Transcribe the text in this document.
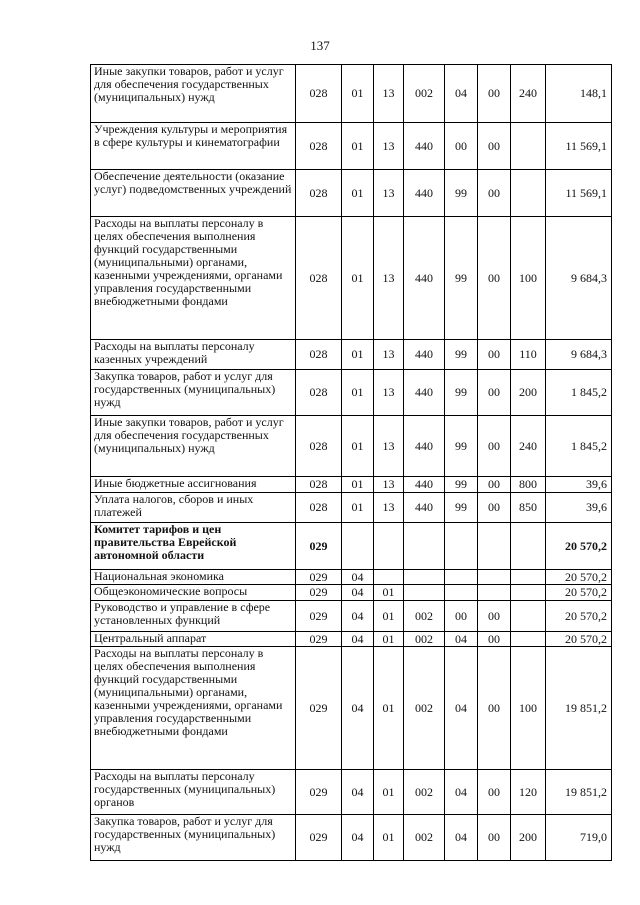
137
Иные закупки товаров, работ и услуг для обеспечения государственных (муниципальных) нужд	028	01	13	002	04	00	240	148,1
Учреждения культуры и мероприятия в сфере культуры и кинематографии	028	01	13	440	00	00		11 569,1
Обеспечение деятельности (оказание услуг) подведомственных учреждений	028	01	13	440	99	00		11 569,1
Расходы на выплаты персоналу в целях обеспечения выполнения функций государственными (муниципальными) органами, казенными учреждениями, органами управления государственными внебюджетными фондами	028	01	13	440	99	00	100	9 684,3
Расходы на выплаты персоналу казенных учреждений	028	01	13	440	99	00	110	9 684,3
Закупка товаров, работ и услуг для государственных (муниципальных) нужд	028	01	13	440	99	00	200	1 845,2
Иные закупки товаров, работ и услуг для обеспечения государственных (муниципальных) нужд	028	01	13	440	99	00	240	1 845,2
Иные бюджетные ассигнования	028	01	13	440	99	00	800	39,6
Уплата налогов, сборов и иных платежей	028	01	13	440	99	00	850	39,6
Комитет тарифов и цен правительства Еврейской автономной области	029							20 570,2
Национальная экономика	029	04						20 570,2
Общеэкономические вопросы	029	04	01					20 570,2
Руководство и управление в сфере установленных функций	029	04	01	002	00	00		20 570,2
Центральный аппарат	029	04	01	002	04	00		20 570,2
Расходы на выплаты персоналу в целях обеспечения выполнения функций государственными (муниципальными) органами, казенными учреждениями, органами управления государственными внебюджетными фондами	029	04	01	002	04	00	100	19 851,2
Расходы на выплаты персоналу государственных (муниципальных) органов	029	04	01	002	04	00	120	19 851,2
Закупка товаров, работ и услуг для государственных (муниципальных) нужд	029	04	01	002	04	00	200	719,0
